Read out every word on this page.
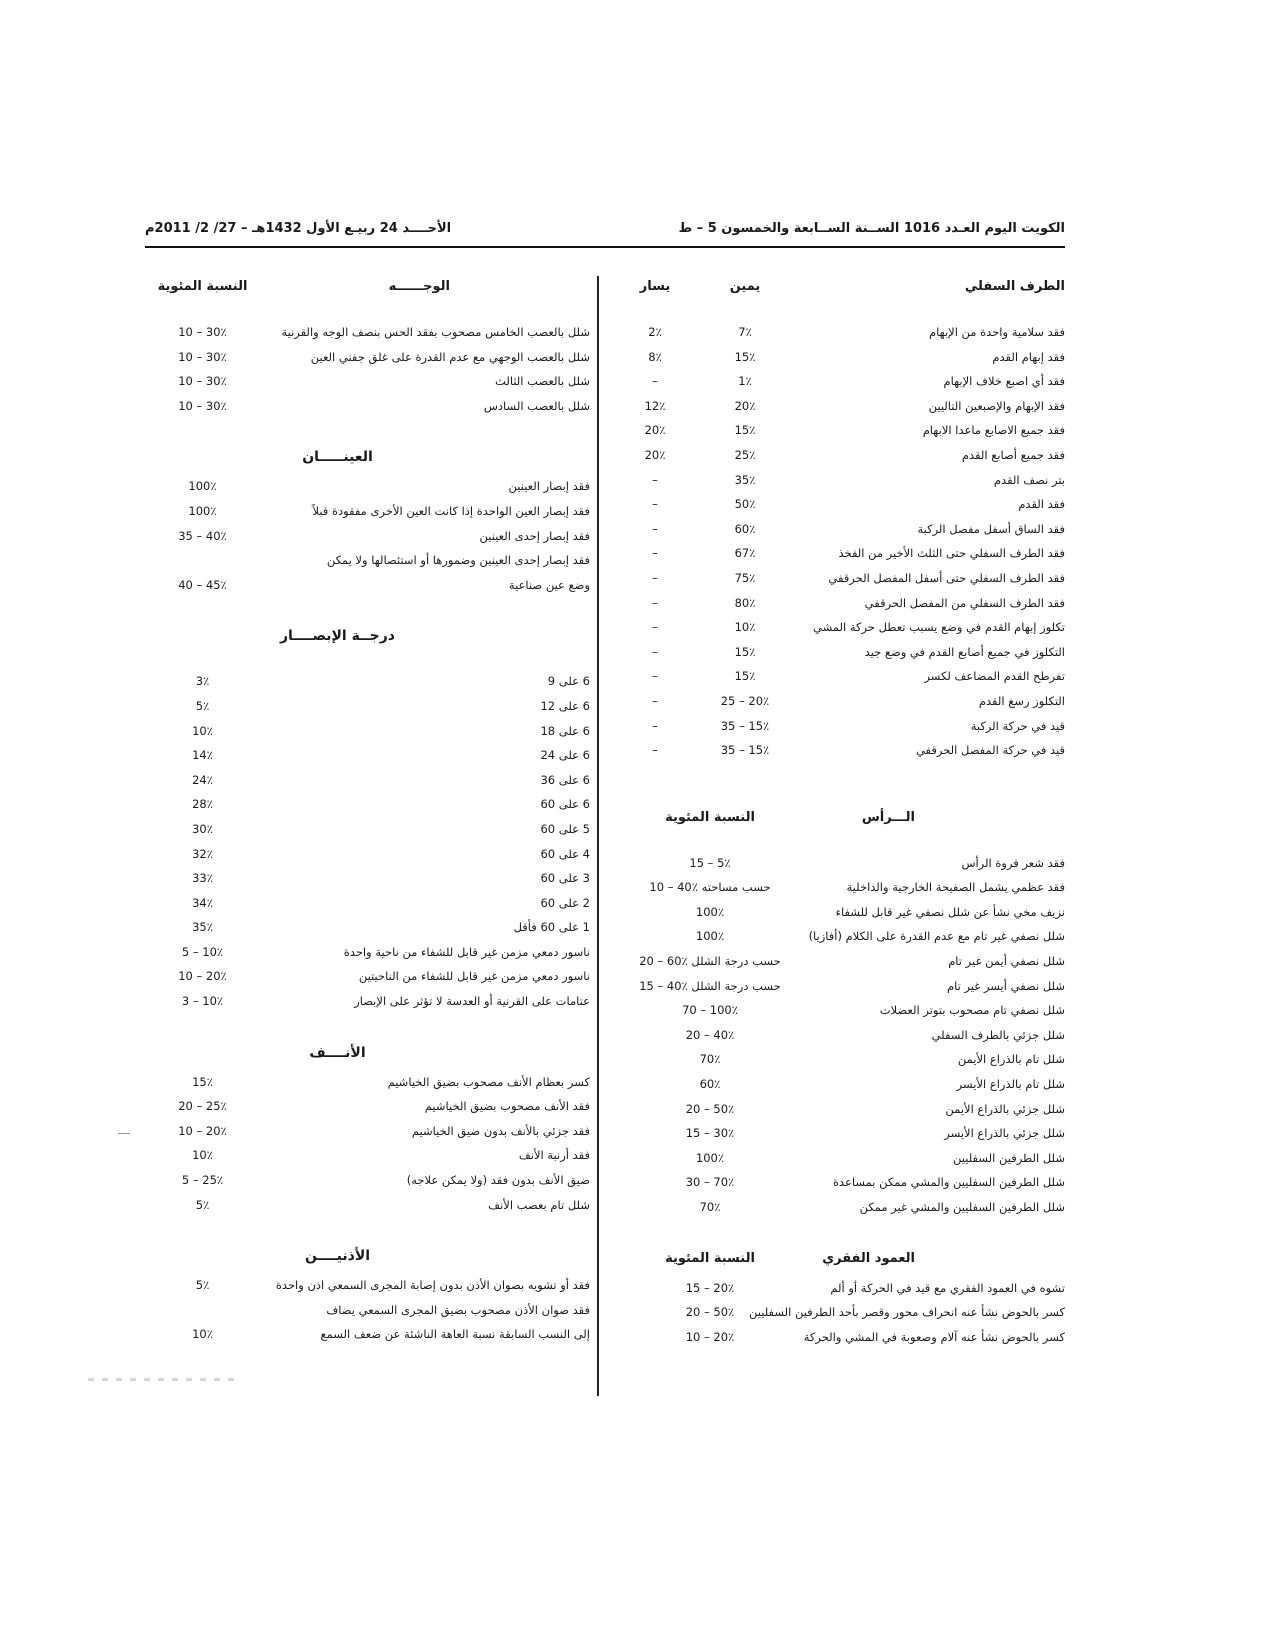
الكويت اليوم العـدد 1016 الســنة الســابعة والخمسون 5 – ط
الأحــــد 24 ربيـع الأول 1432هـ – 27/ 2/ 2011م
الطرف السفلي
يمين
يسار
فقد سلامية واحدة من الإبهام
7٪
2٪
فقد إبهام القدم
15٪
8٪
فقد أي اصبع خلاف الإبهام
1٪
–
فقد الإبهام والإصبعين التاليين
20٪
12٪
فقد جميع الاصابع ماعدا الابهام
15٪
20٪
فقد جميع أصابع القدم
25٪
20٪
بتر نصف القدم
35٪
–
فقد القدم
50٪
–
فقد الساق أسفل مفصل الركبة
60٪
–
فقد الطرف السفلي حتى الثلث الأخير من الفخذ
67٪
–
فقد الطرف السفلي حتى أسفل المفصل الحرقفي
75٪
–
فقد الطرف السفلي من المفصل الحرقفي
80٪
–
تكلوز إبهام القدم في وضع يسبب تعطل حركة المشي
10٪
–
التكلوز في جميع أصابع القدم في وضع جيد
15٪
–
تفرطح القدم المضاعف لكسر
15٪
–
التكلوز رسغ القدم
25 – 20٪
–
قيد في حركة الركبة
35 – 15٪
–
قيد في حركة المفصل الحرقفي
35 – 15٪
–
الـــرأس
النسبة المئوية
فقد شعر فروة الرأس
15 – 5٪
فقد عظمي يشمل الصفيحة الخارجية والداخلية
10 – 40٪ حسب مساحته
نزيف مخي نشأ عن شلل نصفي غير قابل للشفاء
100٪
شلل نصفي غير تام مع عدم القدرة على الكلام (أفازيا)
100٪
شلل نصفي أيمن غير تام
20 – 60٪ حسب درجة الشلل
شلل نصفي أيسر غير تام
15 – 40٪ حسب درجة الشلل
شلل نصفي تام مصحوب بتوتر العضلات
70 – 100٪
شلل جزئي بالطرف السفلي
20 – 40٪
شلل تام بالذراع الأيمن
70٪
شلل تام بالذراع الأيسر
60٪
شلل جزئي بالذراع الأيمن
20 – 50٪
شلل جزئي بالذراع الأيسر
15 – 30٪
شلل الطرفين السفليين
100٪
شلل الطرفين السفليين والمشي ممكن بمساعدة
30 – 70٪
شلل الطرفين السفليين والمشي غير ممكن
70٪
العمود الفقري
النسبة المئوية
تشوه في العمود الفقري مع قيد في الحركة أو ألم
15 – 20٪
كسر بالحوض نشأ عنه انحراف محور وقصر بأحد الطرفين السفليين
20 – 50٪
كسر بالحوض نشأ عنه آلام وصعوبة في المشي والحركة
10 – 20٪
الوجــــــه
النسبة المئوية
شلل بالعصب الخامس مصحوب بفقد الحس بنصف الوجه والقرنية
10 – 30٪
شلل بالعصب الوجهي مع عدم القدرة على غلق جفني العين
10 – 30٪
شلل بالعصب الثالث
10 – 30٪
شلل بالعصب السادس
10 – 30٪
العينـــــان
فقد إبصار العينين
100٪
فقد إبصار العين الواحدة إذا كانت العين الأخرى مفقودة قبلاً
100٪
فقد إبصار إحدى العينين
35 – 40٪
فقد إبصار إحدى العينين وضمورها أو استئصالها ولا يمكن
وضع عين صناعية
40 – 45٪
درجــة الإبصــــار
6 على 9
3٪
6 على 12
5٪
6 على 18
10٪
6 على 24
14٪
6 على 36
24٪
6 على 60
28٪
5 على 60
30٪
4 على 60
32٪
3 على 60
33٪
2 على 60
34٪
1 على 60 فأقل
35٪
ناسور دمعي مزمن غير قابل للشفاء من ناحية واحدة
5 – 10٪
ناسور دمعي مزمن غير قابل للشفاء من الناحيتين
10 – 20٪
عتامات على القرنية أو العدسة لا تؤثر على الإبصار
3 – 10٪
الأنــــف
كسر بعظام الأنف مصحوب بضيق الخياشيم
15٪
فقد الأنف مصحوب بضيق الخياشيم
20 – 25٪
فقد جزئي بالأنف بدون ضيق الخياشيم
10 – 20٪
فقد أرنبة الأنف
10٪
ضيق الأنف بدون فقد (ولا يمكن علاجه)
5 – 25٪
شلل تام بعصب الأنف
5٪
الأذنيــــن
فقد أو تشويه بصوان الأذن بدون إصابة المجرى السمعي اذن واحدة
5٪
فقد صوان الأذن مصحوب بضيق المجرى السمعي يضاف
إلى النسب السابقة نسبة العاهة الناشئة عن ضعف السمع
10٪
